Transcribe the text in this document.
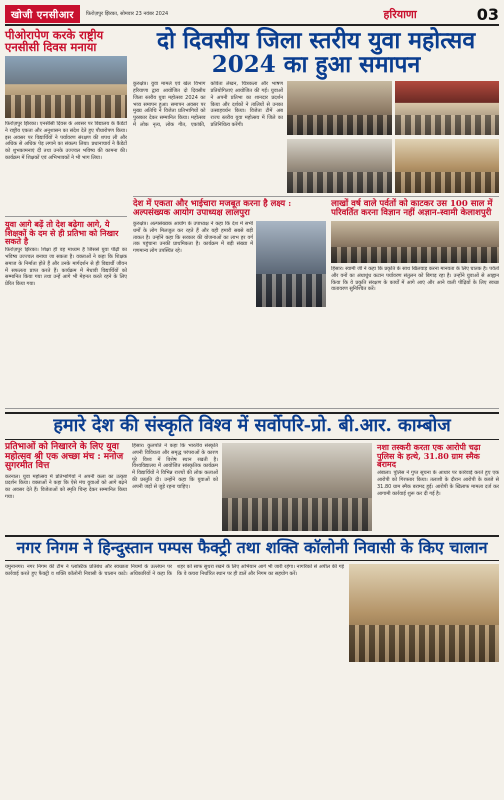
खोजी एनसीआर	फ़िरोज़पुर झिरका, सोमवार 23 नवंबर 2024	हरियाणा	03
पीओरापेण करके राष्ट्रीय एनसीसी दिवस मनाया
फ़िरोज़पुर झिरका। एनसीसी दिवस के अवसर पर विद्यालय के कैडेटों ने राष्ट्रीय एकता और अनुशासन का संदेश देते हुए पौधारोपण किया। इस अवसर पर विद्यार्थियों ने पर्यावरण संरक्षण की शपथ ली और अधिक से अधिक पेड़ लगाने का संकल्प लिया। प्रधानाचार्य ने कैडेटों को शुभकामनाएं दीं तथा उनके उज्ज्वल भविष्य की कामना की। कार्यक्रम में शिक्षकों एवं अभिभावकों ने भी भाग लिया।
युवा आगे बढ़ें तो देश बढ़ेगा आगे, ये शिक्षकों के दम से ही प्रतिभा को निखार सकते है
फ़िरोज़पुर झिरका। शिक्षा ही वह माध्यम है जिससे युवा पीढ़ी का भविष्य उज्ज्वल बनाया जा सकता है। वक्ताओं ने कहा कि शिक्षक समाज के निर्माता होते हैं और उनके मार्गदर्शन से ही विद्यार्थी जीवन में सफलता प्राप्त करते हैं। कार्यक्रम में मेधावी विद्यार्थियों को सम्मानित किया गया तथा उन्हें आगे भी मेहनत करते रहने के लिए प्रेरित किया गया।
दो दिवसीय जिला स्तरीय युवा महोत्सव 2024 का हुआ समापन
कुरुक्षेत्र। युवा मामले एवं खेल विभाग हरियाणा द्वारा आयोजित दो दिवसीय जिला स्तरीय युवा महोत्सव 2024 का भव्य समापन हुआ। समापन अवसर पर मुख्य अतिथि ने विजेता प्रतिभागियों को पुरस्कार देकर सम्मानित किया। महोत्सव में लोक नृत्य, लोक गीत, एकांकी, कविता लेखन, चित्रकला और भाषण प्रतियोगिताएं आयोजित की गईं। युवाओं ने अपनी प्रतिभा का शानदार प्रदर्शन किया और दर्शकों ने तालियों से उनका उत्साहवर्धन किया। विजेता टीमें अब राज्य स्तरीय युवा महोत्सव में जिले का प्रतिनिधित्व करेंगी।
देश में एकता और भाईचारा मजबूत करना है लक्ष्य : अल्पसंख्यक आयोग उपाध्यक्ष लालपुरा
कुरुक्षेत्र। अल्पसंख्यक आयोग के उपाध्यक्ष ने कहा कि देश में सभी धर्मों के लोग मिलजुल कर रहते हैं और यही हमारी सबसे बड़ी ताकत है। उन्होंने कहा कि सरकार की योजनाओं का लाभ हर वर्ग तक पहुंचाना उनकी प्राथमिकता है। कार्यक्रम में बड़ी संख्या में गणमान्य लोग उपस्थित रहे।
लाखों वर्ष वाले पर्वतों को काटकर उस 100 साल में परिवर्तित करना विज्ञान नहीं अज्ञान-स्वामी केलाशपुरी
हिसार। स्वामी जी ने कहा कि प्रकृति के साथ खिलवाड़ करना मानवता के लिए घातक है। पर्वतों और वनों का अंधाधुंध कटान पर्यावरण संतुलन को बिगाड़ रहा है। उन्होंने युवाओं से आह्वान किया कि वे प्रकृति संरक्षण के कार्यों में आगे आएं और आने वाली पीढ़ियों के लिए स्वच्छ वातावरण सुनिश्चित करें।
हमारे देश की संस्कृति विश्व में सर्वोपरि-प्रो. बी.आर. काम्बोज
प्रतिभाओं को निखारने के लिए युवा महोत्सव श्री एक अच्छा मंच : मनोज सुगरमीत वित्त
करनाल। युवा महोत्सव में प्रतिभागियों ने अपनी कला का उत्कृष्ट प्रदर्शन किया। वक्ताओं ने कहा कि ऐसे मंच युवाओं को आगे बढ़ने का अवसर देते हैं। विजेताओं को स्मृति चिन्ह देकर सम्मानित किया गया।
हिसार। कुलपति ने कहा कि भारतीय संस्कृति अपनी विविधता और समृद्ध परंपराओं के कारण पूरे विश्व में विशेष स्थान रखती है। विश्वविद्यालय में आयोजित सांस्कृतिक कार्यक्रम में विद्यार्थियों ने विभिन्न राज्यों की लोक कलाओं की प्रस्तुति दी। उन्होंने कहा कि युवाओं को अपनी जड़ों से जुड़े रहना चाहिए।
नशा तस्करी करता एक आरोपी चढ़ा पुलिस के हत्थे, 31.80 ग्राम स्मैक बरामद
अंबाला। पुलिस ने गुप्त सूचना के आधार पर कार्रवाई करते हुए एक आरोपी को गिरफ्तार किया। तलाशी के दौरान आरोपी के कब्जे से 31.80 ग्राम स्मैक बरामद हुई। आरोपी के खिलाफ मामला दर्ज कर आगामी कार्रवाई शुरू कर दी गई है।
नगर निगम ने हिन्दुस्तान पम्पस फैक्ट्री तथा शक्ति कॉलोनी निवासी के किए चालान
यमुनानगर। नगर निगम की टीम ने प्लास्टिक प्रतिबंध और स्वच्छता नियमों के उल्लंघन पर कार्रवाई करते हुए फैक्ट्री व शक्ति कॉलोनी निवासी के चालान काटे। अधिकारियों ने कहा कि शहर को साफ सुथरा रखने के लिए अभियान आगे भी जारी रहेगा। नागरिकों से अपील की गई कि वे कचरा निर्धारित स्थान पर ही डालें और निगम का सहयोग करें।
